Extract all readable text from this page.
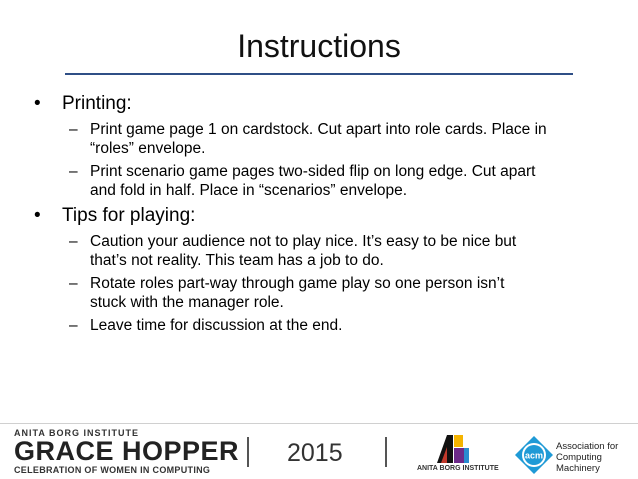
Instructions
• Printing:
– Print game page 1 on cardstock. Cut apart into role cards. Place in
“roles” envelope.
– Print scenario game pages two-sided flip on long edge. Cut apart
and fold in half. Place in “scenarios” envelope.
• Tips for playing:
– Caution your audience not to play nice. It’s easy to be nice but
that’s not reality. This team has a job to do.
– Rotate roles part-way through game play so one person isn’t
stuck with the manager role.
– Leave time for discussion at the end.
ANITA BORG INSTITUTE
GRACE HOPPER
CELEBRATION OF WOMEN IN COMPUTING
2015
ANITA BORG INSTITUTE
acm
Association for
Computing Machinery
